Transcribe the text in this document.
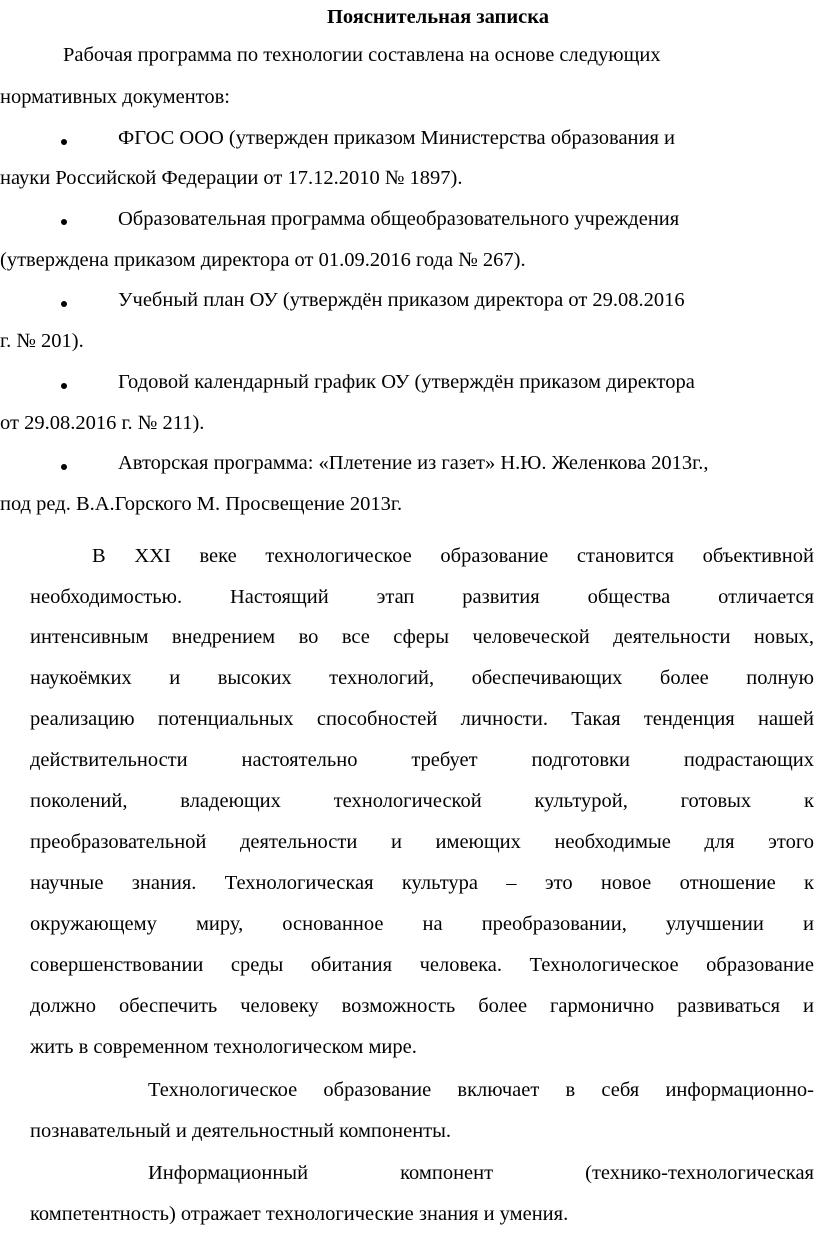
Пояснительная записка
Рабочая программа по технологии составлена на основе следующих
нормативных документов:
ФГОС ООО (утвержден приказом Министерства образования и
науки Российской Федерации от 17.12.2010 № 1897).
Образовательная программа общеобразовательного учреждения
(утверждена приказом директора от 01.09.2016 года № 267).
Учебный план ОУ (утверждён приказом директора от 29.08.2016
г. № 201).
Годовой календарный график ОУ (утверждён приказом директора
от 29.08.2016 г. № 211).
Авторская программа: «Плетение из газет» Н.Ю. Желенкова 2013г.,
под ред. В.А.Горского М. Просвещение 2013г.
В XXI веке технологическое образование становится объективной
необходимостью. Настоящий этап развития общества отличается
интенсивным внедрением во все сферы человеческой деятельности новых,
наукоёмких и высоких технологий, обеспечивающих более полную
реализацию потенциальных способностей личности. Такая тенденция нашей
действительности	настоятельно	требует	подготовки	подрастающих
поколений,	владеющих	технологической	культурой,	готовых	к
преобразовательной деятельности и имеющих необходимые для этого
научные знания. Технологическая культура – это новое отношение к
окружающему миру, основанное на преобразовании, улучшении и
совершенствовании среды обитания человека. Технологическое образование
должно обеспечить человеку возможность более гармонично развиваться и
жить в современном технологическом мире.
Технологическое образование включает в себя информационно-
познавательный и деятельностный компоненты.
Информационный	компонент	(технико-технологическая
компетентность) отражает технологические знания и умения.
